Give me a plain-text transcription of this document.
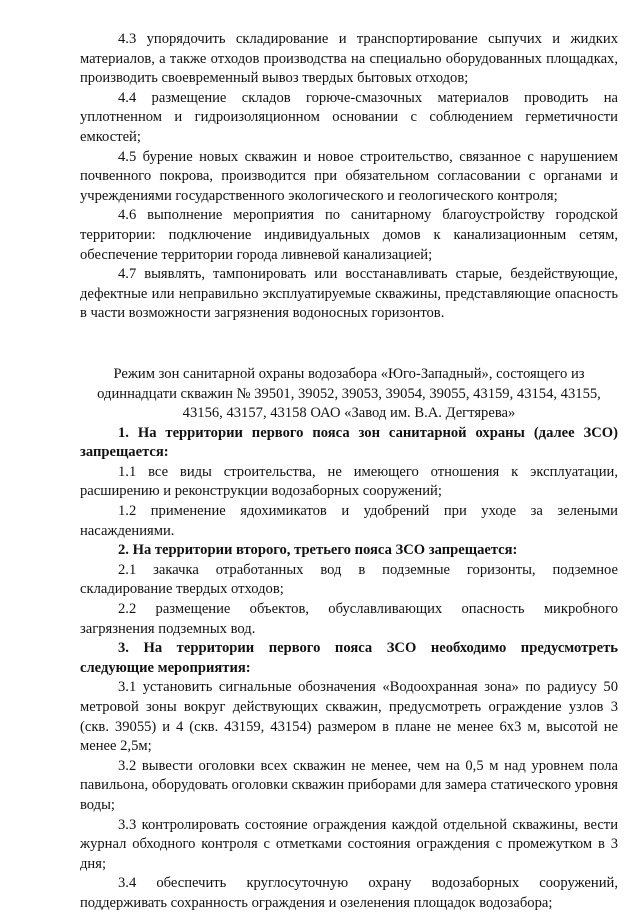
4.3 упорядочить складирование и транспортирование сыпучих и жидких материалов, а также отходов производства на специально оборудованных площадках, производить своевременный вывоз твердых бытовых отходов;

4.4 размещение складов горюче-смазочных материалов проводить на уплотненном и гидроизоляционном основании с соблюдением герметичности емкостей;

4.5 бурение новых скважин и новое строительство, связанное с нарушением почвенного покрова, производится при обязательном согласовании с органами и учреждениями государственного экологического и геологического контроля;

4.6 выполнение мероприятия по санитарному благоустройству городской территории: подключение индивидуальных домов к канализационным сетям, обеспечение территории города ливневой канализацией;

4.7 выявлять, тампонировать или восстанавливать старые, бездействующие, дефектные или неправильно эксплуатируемые скважины, представляющие опасность в части возможности загрязнения водоносных горизонтов.

Режим зон санитарной охраны водозабора «Юго-Западный», состоящего из одиннадцати скважин № 39501, 39052, 39053, 39054, 39055, 43159, 43154, 43155, 43156, 43157, 43158 ОАО «Завод им. В.А. Дегтярева»

1. На территории первого пояса зон санитарной охраны (далее ЗСО) запрещается:

1.1 все виды строительства, не имеющего отношения к эксплуатации, расширению и реконструкции водозаборных сооружений;

1.2 применение ядохимикатов и удобрений при уходе за зелеными насаждениями.

2. На территории второго, третьего пояса ЗСО запрещается:

2.1 закачка отработанных вод в подземные горизонты, подземное складирование твердых отходов;

2.2 размещение объектов, обуславливающих опасность микробного загрязнения подземных вод.

3. На территории первого пояса ЗСО необходимо предусмотреть следующие мероприятия:

3.1 установить сигнальные обозначения «Водоохранная зона» по радиусу 50 метровой зоны вокруг действующих скважин, предусмотреть ограждение узлов 3 (скв. 39055) и 4 (скв. 43159, 43154) размером в плане не менее 6х3 м, высотой не менее 2,5м;

3.2 вывести оголовки всех скважин не менее, чем на 0,5 м над уровнем пола павильона, оборудовать оголовки скважин приборами для замера статического уровня воды;

3.3 контролировать состояние ограждения каждой отдельной скважины, вести журнал обходного контроля с отметками состояния ограждения с промежутком в 3 дня;

3.4 обеспечить круглосуточную охрану водозаборных сооружений, поддерживать сохранность ограждения и озеленения площадок водозабора;
